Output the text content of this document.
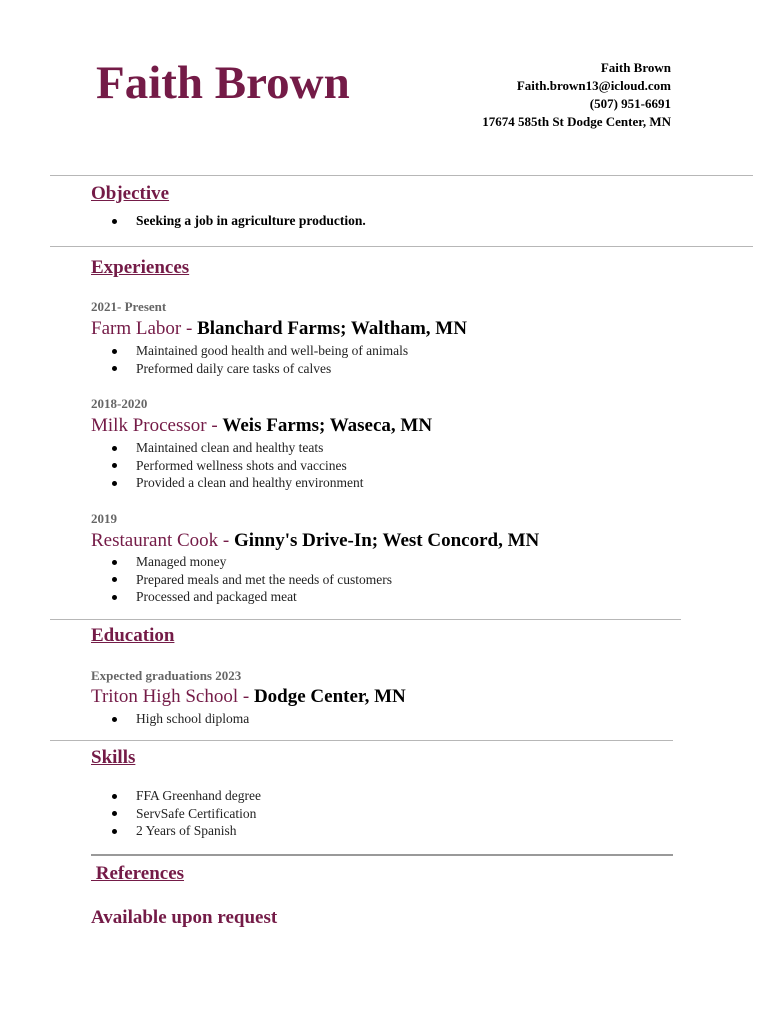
Faith Brown	Faith Brown
Faith.brown13@icloud.com
(507) 951-6691
17674 585th St Dodge Center, MN
Objective
Seeking a job in agriculture production.
Experiences
2021- Present
Farm Labor - Blanchard Farms; Waltham, MN
Maintained good health and well-being of animals
Preformed daily care tasks of calves
2018-2020
Milk Processor - Weis Farms; Waseca, MN
Maintained clean and healthy teats
Performed wellness shots and vaccines
Provided a clean and healthy environment
2019
Restaurant Cook - Ginny's Drive-In; West Concord, MN
Managed money
Prepared meals and met the needs of customers
Processed and packaged meat
Education
Expected graduations 2023
Triton High School - Dodge Center, MN
High school diploma
Skills
FFA Greenhand degree
ServSafe Certification
2 Years of Spanish
References
Available upon request
